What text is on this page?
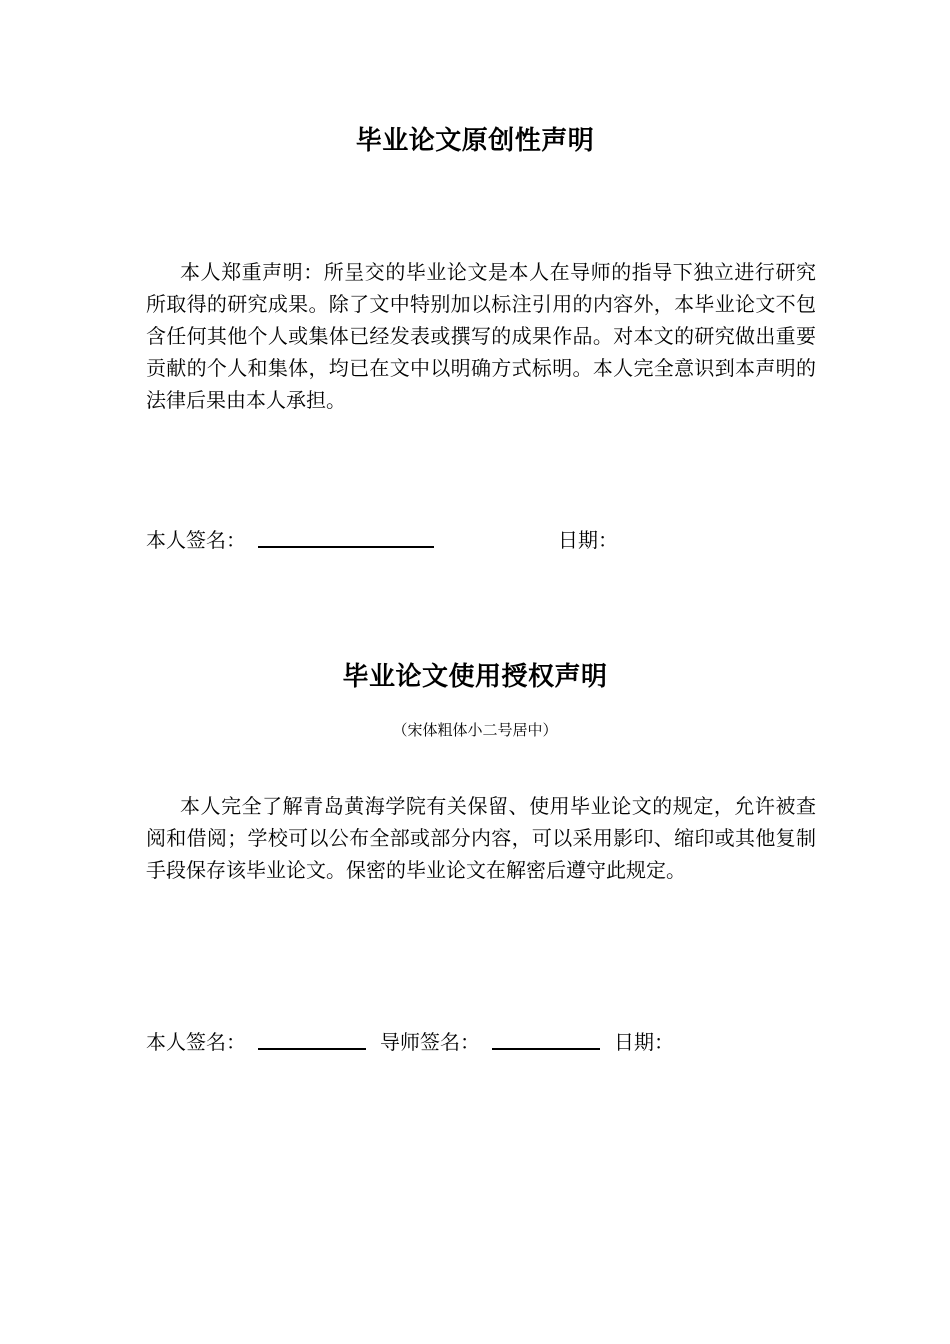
毕业论文原创性声明
本人郑重声明：所呈交的毕业论文是本人在导师的指导下独立进行研究所取得的研究成果。除了文中特别加以标注引用的内容外，本毕业论文不包含任何其他个人或集体已经发表或撰写的成果作品。对本文的研究做出重要贡献的个人和集体，均已在文中以明确方式标明。本人完全意识到本声明的法律后果由本人承担。
本人签名：	日期：
毕业论文使用授权声明
（宋体粗体小二号居中）
本人完全了解青岛黄海学院有关保留、使用毕业论文的规定，允许被查阅和借阅；学校可以公布全部或部分内容，可以采用影印、缩印或其他复制手段保存该毕业论文。保密的毕业论文在解密后遵守此规定。
本人签名：	导师签名：	日期：
